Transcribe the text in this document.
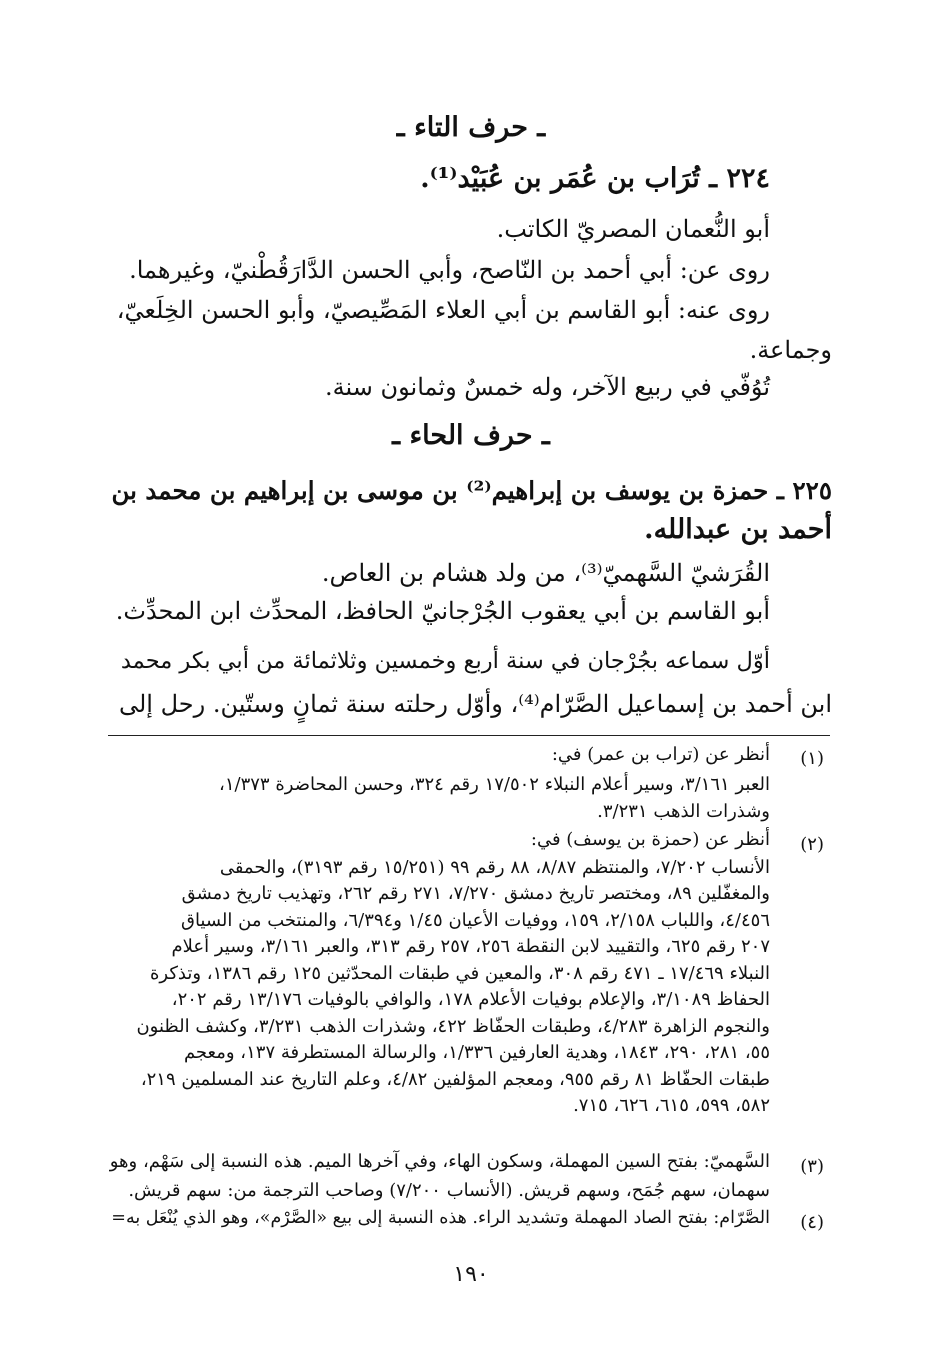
ـ حرف التاء ـ

٢٢٤ ـ تُرَاب بن عُمَر بن عُبَيْد⁽¹⁾.

أبو النُّعمان المصريّ الكاتب.

روى عن: أبي أحمد بن النّاصح، وأبي الحسن الدَّارَقُطْنيّ، وغيرهما.

روى عنه: أبو القاسم بن أبي العلاء المَصِّيصيّ، وأبو الحسن الخِلَعيّ،

وجماعة.

تُوُفّي في ربيع الآخر، وله خمسٌ وثمانون سنة.

ـ حرف الحاء ـ

٢٢٥ ـ حمزة بن يوسف بن إبراهيم⁽²⁾ بن موسى بن إبراهيم بن محمد بن

أحمد بن عبدالله.

القُرَشيّ السَّهميّ⁽³⁾، من ولد هشام بن العاص.

أبو القاسم بن أبي يعقوب الجُرْجانيّ الحافظ، المحدِّث ابن المحدِّث.

أوّل سماعه بجُرْجان في سنة أربع وخمسين وثلاثمائة من أبي بكر محمد

ابن أحمد بن إسماعيل الصَّرّام⁽⁴⁾، وأوّل رحلته سنة ثمانٍ وستّين. رحل إلى

(١)

أنظر عن (تراب بن عمر) في:

العبر ٣/١٦١، وسير أعلام النبلاء ١٧/٥٠٢ رقم ٣٢٤، وحسن المحاضرة ١/٣٧٣،

وشذرات الذهب ٣/٢٣١.

(٢)

أنظر عن (حمزة بن يوسف) في:

الأنساب ٧/٢٠٢، والمنتظم ٨/٨٧، ٨٨ رقم ٩٩ (١٥/٢٥١ رقم ٣١٩٣)، والحمقى

والمغفّلين ٨٩، ومختصر تاريخ دمشق ٧/٢٧٠، ٢٧١ رقم ٢٦٢، وتهذيب تاريخ دمشق

٤/٤٥٦، واللباب ٢/١٥٨، ١٥٩، ووفيات الأعيان ١/٤٥ و٦/٣٩٤، والمنتخب من السياق

٢٠٧ رقم ٦٢٥، والتقييد لابن النقطة ٢٥٦، ٢٥٧ رقم ٣١٣، والعبر ٣/١٦١، وسير أعلام

النبلاء ١٧/٤٦٩ ـ ٤٧١ رقم ٣٠٨، والمعين في طبقات المحدّثين ١٢٥ رقم ١٣٨٦، وتذكرة

الحفاظ ٣/١٠٨٩، والإعلام بوفيات الأعلام ١٧٨، والوافي بالوفيات ١٣/١٧٦ رقم ٢٠٢،

والنجوم الزاهرة ٤/٢٨٣، وطبقات الحفّاظ ٤٢٢، وشذرات الذهب ٣/٢٣١، وكشف الظنون

٥٥، ٢٨١، ٢٩٠، ١٨٤٣، وهدية العارفين ١/٣٣٦، والرسالة المستطرفة ١٣٧، ومعجم

طبقات الحفّاظ ٨١ رقم ٩٥٥، ومعجم المؤلفين ٤/٨٢، وعلم التاريخ عند المسلمين ٢١٩،

٥٨٢، ٥٩٩، ٦١٥، ٦٢٦، ٧١٥.

(٣)

السَّهميّ: بفتح السين المهملة، وسكون الهاء، وفي آخرها الميم. هذه النسبة إلى سَهْم، وهو

سهمان، سهم جُمَح، وسهم قريش. (الأنساب ٧/٢٠٠) وصاحب الترجمة من: سهم قريش.

(٤)

الصَّرّام: بفتح الصاد المهملة وتشديد الراء. هذه النسبة إلى بيع «الصَّرْم»، وهو الذي يُنْعَل به=

١٩٠
